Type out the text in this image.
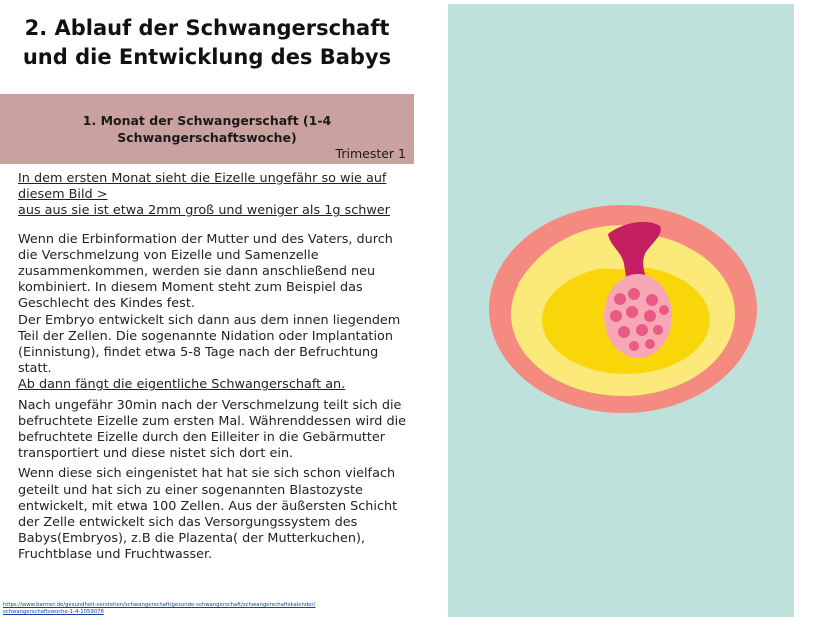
2. Ablauf der Schwangerschaft
und die Entwicklung des Babys
1. Monat der Schwangerschaft (1-4
Schwangerschaftswoche)
Trimester 1

In dem ersten Monat sieht die Eizelle ungefähr so wie auf

diesem Bild >

aus aus sie ist etwa 2mm groß und weniger als 1g schwer

Wenn die Erbinformation der Mutter und des Vaters, durch die Verschmelzung von Eizelle und Samenzelle zusammenkommen, werden sie dann anschließend neu kombiniert. In diesem Moment steht zum Beispiel das Geschlecht des Kindes fest.

Der Embryo entwickelt sich dann aus dem innen liegendem Teil der Zellen. Die sogenannte Nidation oder Implantation (Einnistung), findet etwa 5-8 Tage nach der Befruchtung statt.

Ab dann fängt die eigentliche Schwangerschaft an.

Nach ungefähr 30min nach der Verschmelzung teilt sich die befruchtete Eizelle zum ersten Mal. Währenddessen wird die befruchtete Eizelle durch den Eilleiter in die Gebärmutter transportiert und diese nistet sich dort ein.

Wenn diese sich eingenistet hat hat sie sich schon vielfach geteilt und hat sich zu einer sogenannten Blastozyste entwickelt, mit etwa 100 Zellen. Aus der äußersten Schicht der Zelle entwickelt sich das Versorgungssystem des Babys(Embryos), z.B die Plazenta( der Mutterkuchen), Fruchtblase und Fruchtwasser.

https://www.barmer.de/gesundheit-verstehen/schwangerschaft/gesunde-schwangerschaft/schwangerschaftskalender/
schwangerschaftswoche-1-4-1059078
